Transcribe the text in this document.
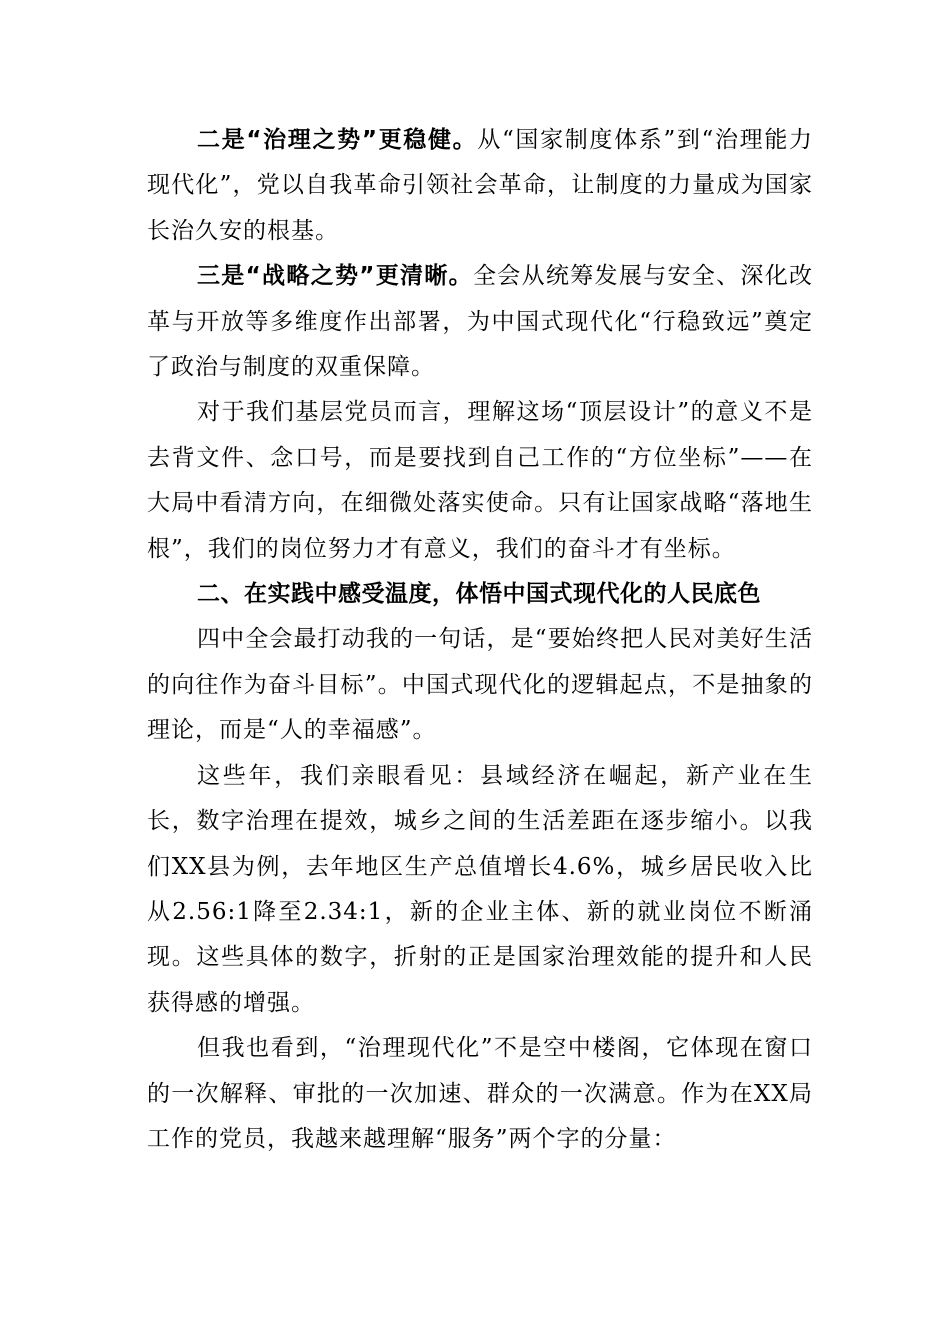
二是“治理之势”更稳健。从“国家制度体系”到“治理能力现代化”，党以自我革命引领社会革命，让制度的力量成为国家长治久安的根基。

三是“战略之势”更清晰。全会从统筹发展与安全、深化改革与开放等多维度作出部署，为中国式现代化“行稳致远”奠定了政治与制度的双重保障。

对于我们基层党员而言，理解这场“顶层设计”的意义不是去背文件、念口号，而是要找到自己工作的“方位坐标”——在大局中看清方向，在细微处落实使命。只有让国家战略“落地生根”，我们的岗位努力才有意义，我们的奋斗才有坐标。

二、在实践中感受温度，体悟中国式现代化的人民底色

四中全会最打动我的一句话，是“要始终把人民对美好生活的向往作为奋斗目标”。中国式现代化的逻辑起点，不是抽象的理论，而是“人的幸福感”。

这些年，我们亲眼看见：县域经济在崛起，新产业在生长，数字治理在提效，城乡之间的生活差距在逐步缩小。以我们XX县为例，去年地区生产总值增长4.6%，城乡居民收入比从2.56:1降至2.34:1，新的企业主体、新的就业岗位不断涌现。这些具体的数字，折射的正是国家治理效能的提升和人民获得感的增强。

但我也看到，“治理现代化”不是空中楼阁，它体现在窗口的一次解释、审批的一次加速、群众的一次满意。作为在XX局工作的党员，我越来越理解“服务”两个字的分量：
